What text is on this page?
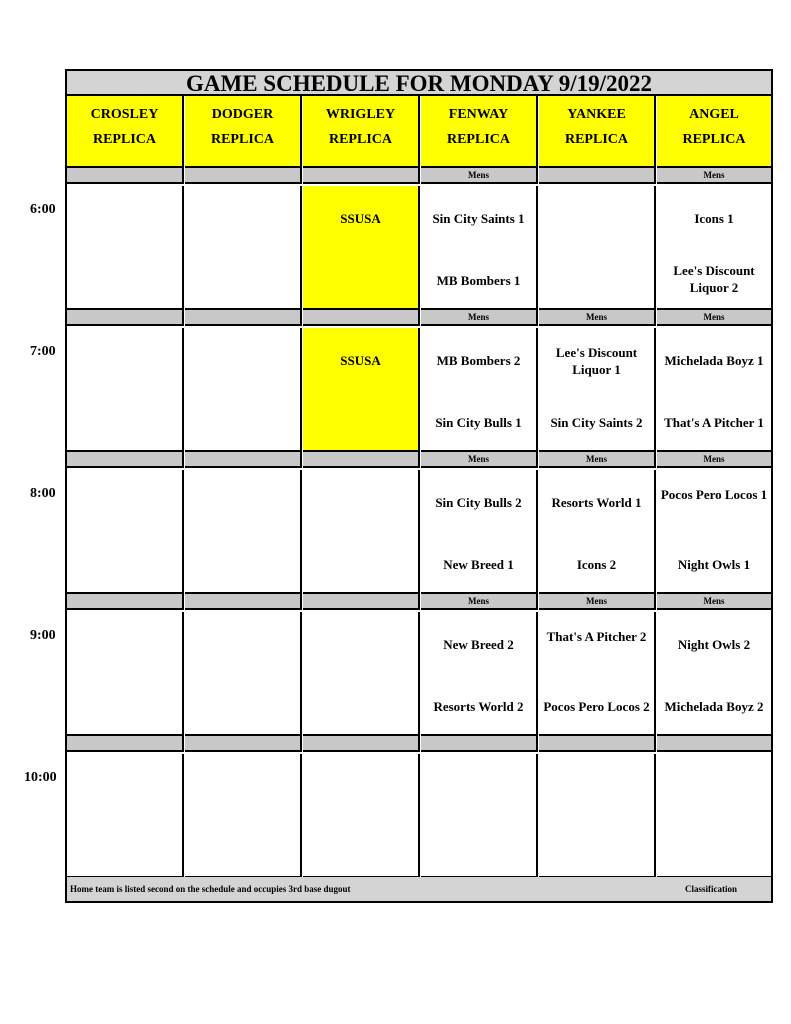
6:00
7:00
8:00
9:00
10:00
GAME SCHEDULE FOR MONDAY 9/19/2022
CROSLEY
REPLICA
DODGER
REPLICA
WRIGLEY
REPLICA
FENWAY
REPLICA
YANKEE
REPLICA
ANGEL
REPLICA
SSUSA
Mens
Sin City Saints 1
MB Bombers 1
Mens
Icons 1
Lee's Discount Liquor 2
SSUSA
Mens
MB Bombers 2
Sin City Bulls 1
Mens
Lee's Discount Liquor 1
Sin City Saints 2
Mens
Michelada Boyz 1
That's A Pitcher 1
Mens
Sin City Bulls 2
New Breed 1
Mens
Resorts World 1
Icons 2
Mens
Pocos Pero Locos 1
Night Owls 1
Mens
New Breed 2
Resorts World 2
Mens
That's A Pitcher 2
Pocos Pero Locos 2
Mens
Night Owls 2
Michelada Boyz 2
Home team is listed second on the schedule and occupies 3rd base dugout	Classification
